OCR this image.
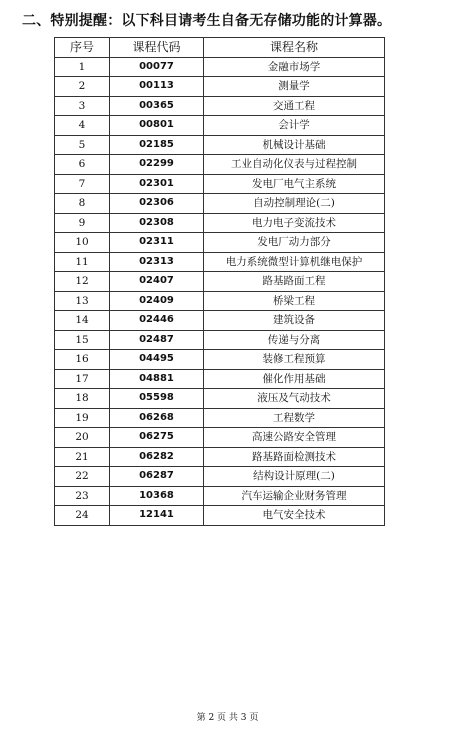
二、特别提醒：以下科目请考生自备无存储功能的计算器。
序号	课程代码	课程名称
1	00077	金融市场学
2	00113	测量学
3	00365	交通工程
4	00801	会计学
5	02185	机械设计基础
6	02299	工业自动化仪表与过程控制
7	02301	发电厂电气主系统
8	02306	自动控制理论(二)
9	02308	电力电子变流技术
10	02311	发电厂动力部分
11	02313	电力系统微型计算机继电保护
12	02407	路基路面工程
13	02409	桥梁工程
14	02446	建筑设备
15	02487	传递与分离
16	04495	装修工程预算
17	04881	催化作用基础
18	05598	液压及气动技术
19	06268	工程数学
20	06275	高速公路安全管理
21	06282	路基路面检测技术
22	06287	结构设计原理(二)
23	10368	汽车运输企业财务管理
24	12141	电气安全技术
第 2 页 共 3 页
